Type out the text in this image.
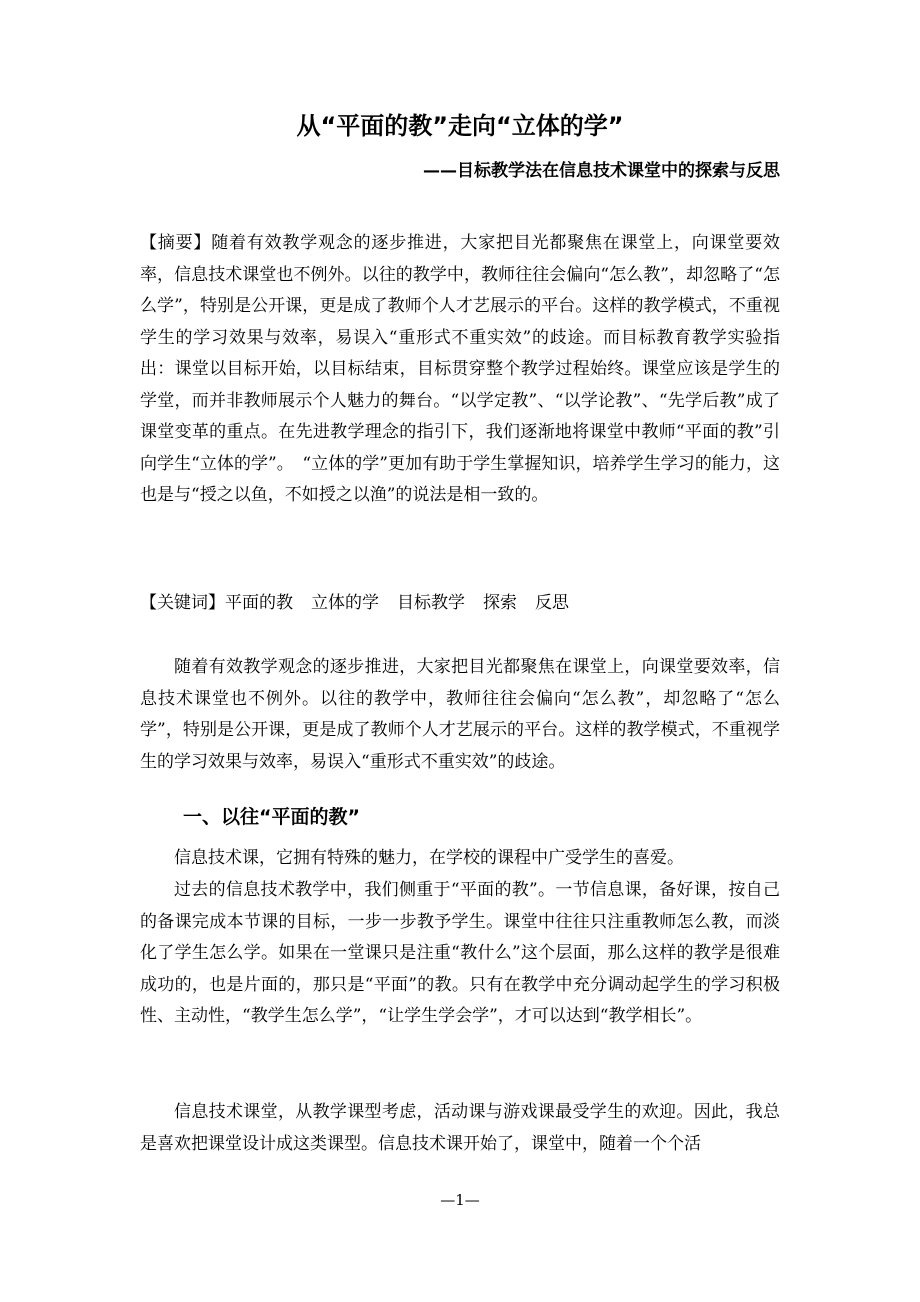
从“平面的教”走向“立体的学”
——目标教学法在信息技术课堂中的探索与反思

【摘要】随着有效教学观念的逐步推进，大家把目光都聚焦在课堂上，向课堂要效率，信息技术课堂也不例外。以往的教学中，教师往往会偏向“怎么教”，却忽略了“怎么学”，特别是公开课，更是成了教师个人才艺展示的平台。这样的教学模式，不重视学生的学习效果与效率，易误入“重形式不重实效”的歧途。而目标教育教学实验指出：课堂以目标开始，以目标结束，目标贯穿整个教学过程始终。课堂应该是学生的学堂，而并非教师展示个人魅力的舞台。“以学定教”、“以学论教”、“先学后教”成了课堂变革的重点。在先进教学理念的指引下，我们逐渐地将课堂中教师“平面的教”引向学生“立体的学”。　“立体的学”更加有助于学生掌握知识，培养学生学习的能力，这也是与“授之以鱼，不如授之以渔”的说法是相一致的。

【关键词】平面的教 立体的学 目标教学 探索 反思

随着有效教学观念的逐步推进，大家把目光都聚焦在课堂上，向课堂要效率，信息技术课堂也不例外。以往的教学中，教师往往会偏向“怎么教”，却忽略了“怎么学”，特别是公开课，更是成了教师个人才艺展示的平台。这样的教学模式，不重视学生的学习效果与效率，易误入“重形式不重实效”的歧途。

一、以往“平面的教”

信息技术课，它拥有特殊的魅力，在学校的课程中广受学生的喜爱。

过去的信息技术教学中，我们侧重于“平面的教”。一节信息课，备好课，按自己的备课完成本节课的目标，一步一步教予学生。课堂中往往只注重教师怎么教，而淡化了学生怎么学。如果在一堂课只是注重“教什么”这个层面，那么这样的教学是很难成功的，也是片面的，那只是“平面”的教。只有在教学中充分调动起学生的学习积极性、主动性，“教学生怎么学”，“让学生学会学”，才可以达到“教学相长”。

信息技术课堂，从教学课型考虑，活动课与游戏课最受学生的欢迎。因此，我总是喜欢把课堂设计成这类课型。信息技术课开始了，课堂中，随着一个个活

—1—
